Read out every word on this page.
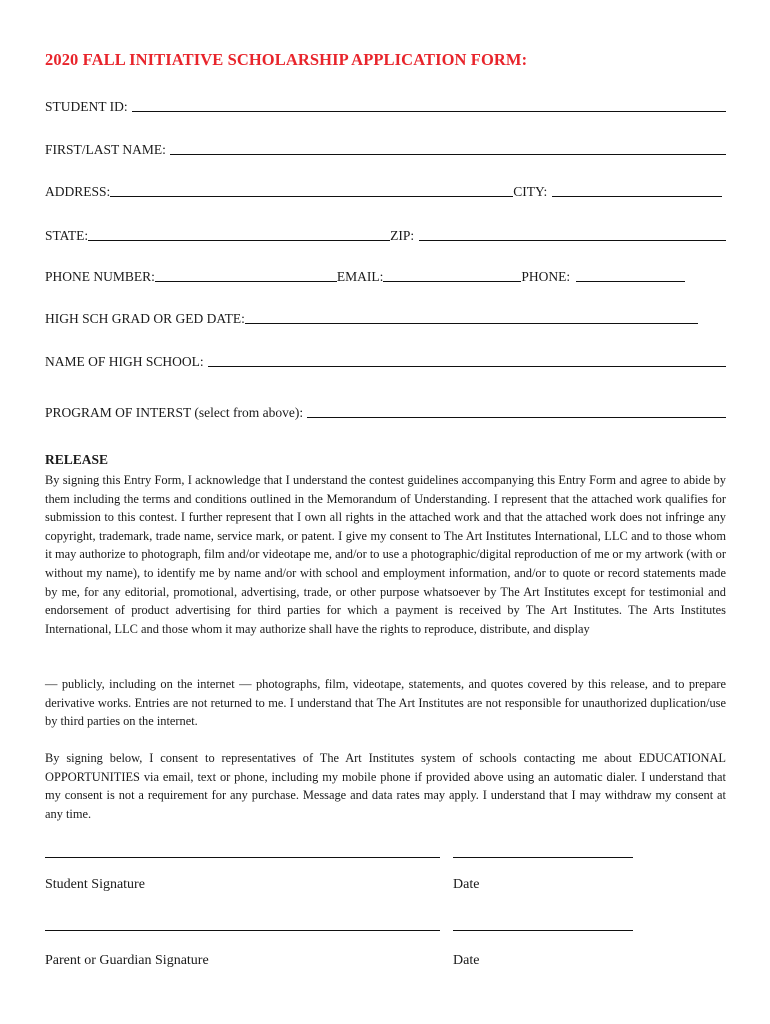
2020 FALL INITIATIVE SCHOLARSHIP APPLICATION FORM:
STUDENT ID:
FIRST/LAST NAME:
ADDRESS:	CITY:
STATE:	ZIP:
PHONE NUMBER:	EMAIL:	PHONE:
HIGH SCH GRAD OR GED DATE:
NAME OF HIGH SCHOOL:
PROGRAM OF INTERST (select from above):
RELEASE

By signing this Entry Form, I acknowledge that I understand the contest guidelines accompanying this Entry Form and agree to abide by them including the terms and conditions outlined in the Memorandum of Understanding. I represent that the attached work qualifies for submission to this contest. I further represent that I own all rights in the attached work and that the attached work does not infringe any copyright, trademark, trade name, service mark, or patent. I give my consent to The Art Institutes International, LLC and to those whom it may authorize to photograph, film and/or videotape me, and/or to use a photographic/digital reproduction of me or my artwork (with or without my name), to identify me by name and/or with school and employment information, and/or to quote or record statements made by me, for any editorial, promotional, advertising, trade, or other purpose whatsoever by The Art Institutes except for testimonial and endorsement of product advertising for third parties for which a payment is received by The Art Institutes. The Arts Institutes International, LLC and those whom it may authorize shall have the rights to reproduce, distribute, and display

— publicly, including on the internet — photographs, film, videotape, statements, and quotes covered by this release, and to prepare derivative works. Entries are not returned to me. I understand that The Art Institutes are not responsible for unauthorized duplication/use by third parties on the internet.

By signing below, I consent to representatives of The Art Institutes system of schools contacting me about EDUCATIONAL OPPORTUNITIES via email, text or phone, including my mobile phone if provided above using an automatic dialer. I understand that my consent is not a requirement for any purchase. Message and data rates may apply. I understand that I may withdraw my consent at any time.

Student Signature	Date
Parent or Guardian Signature	Date
